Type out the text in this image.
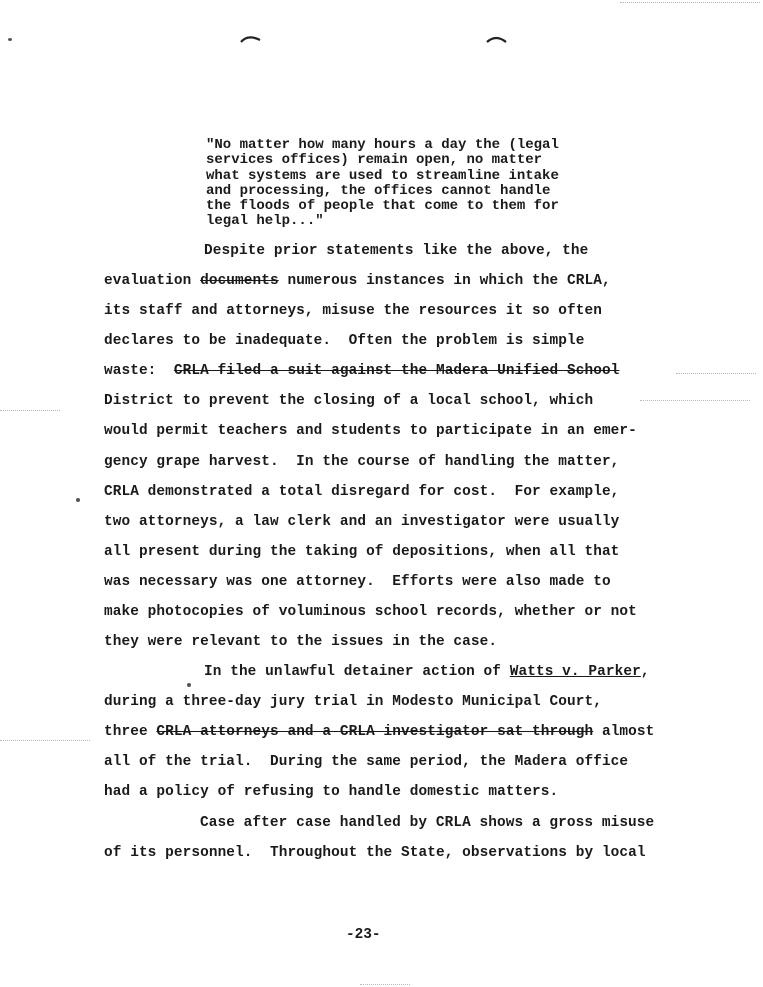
"No matter how many hours a day the (legal
services offices) remain open, no matter
what systems are used to streamline intake
and processing, the offices cannot handle
the floods of people that come to them for
legal help..."
Despite prior statements like the above, the
evaluation documents numerous instances in which the CRLA,
its staff and attorneys, misuse the resources it so often
declares to be inadequate.  Often the problem is simple
waste:  CRLA filed a suit against the Madera Unified School
District to prevent the closing of a local school, which
would permit teachers and students to participate in an emer-
gency grape harvest.  In the course of handling the matter,
CRLA demonstrated a total disregard for cost.  For example,
two attorneys, a law clerk and an investigator were usually
all present during the taking of depositions, when all that
was necessary was one attorney.  Efforts were also made to
make photocopies of voluminous school records, whether or not
they were relevant to the issues in the case.
In the unlawful detainer action of Watts v. Parker,
during a three-day jury trial in Modesto Municipal Court,
three CRLA attorneys and a CRLA investigator sat through almost
all of the trial.  During the same period, the Madera office
had a policy of refusing to handle domestic matters.
Case after case handled by CRLA shows a gross misuse
of its personnel.  Throughout the State, observations by local
-23-
